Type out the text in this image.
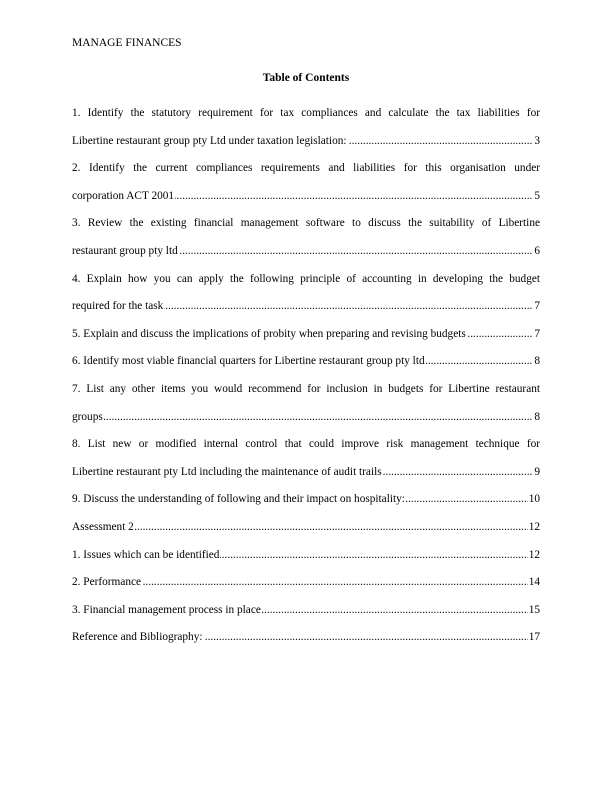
MANAGE FINANCES
Table of Contents
1. Identify the statutory requirement for tax compliances and calculate the tax liabilities for
.....
Libertine restaurant group pty Ltd under taxation legislation:	3
2. Identify the current compliances requirements and liabilities for this organisation under
.....
corporation ACT 2001	5
3. Review the existing financial management software to discuss the suitability of Libertine
.....
restaurant group pty ltd	6
4. Explain how you can apply the following principle of accounting in developing the budget
.....
required for the task	7
.....
5. Explain and discuss the implications of probity when preparing and revising budgets	7
.....
6. Identify most viable financial quarters for Libertine restaurant group pty ltd	8
7. List any other items you would recommend for inclusion in budgets for Libertine restaurant
.....
groups	8
8. List new or modified internal control that could improve risk management technique for
.....
Libertine restaurant pty Ltd including the maintenance of audit trails	9
.....
9. Discuss the understanding of following and their impact on hospitality:	10
.....
Assessment 2	12
.....
1. Issues which can be identified	12
.....
2. Performance	14
.....
3. Financial management process in place	15
.....
Reference and Bibliography:	17
